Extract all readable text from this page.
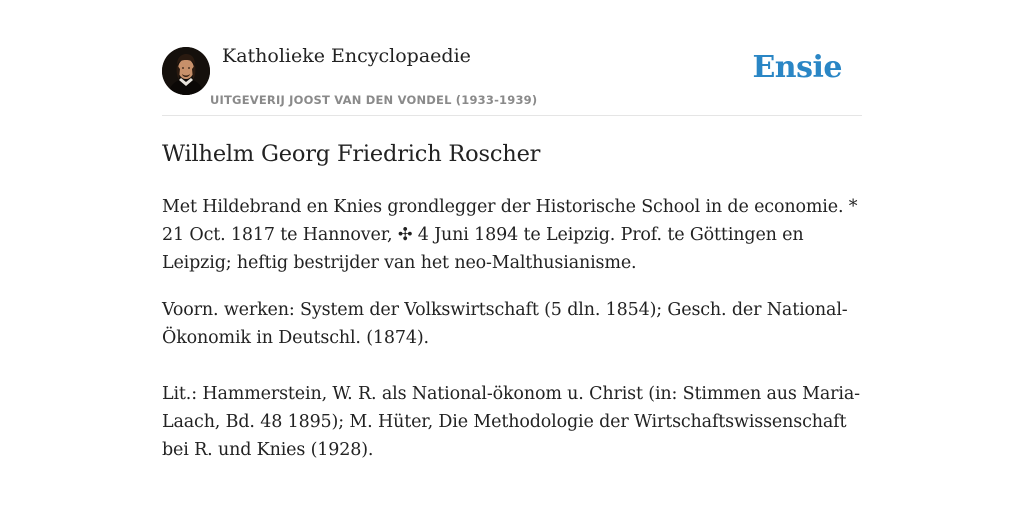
Katholieke Encyclopaedie
UITGEVERIJ JOOST VAN DEN VONDEL (1933-1939)
Ensie
Wilhelm Georg Friedrich Roscher

Met Hildebrand en Knies grondlegger der Historische School in de economie. * 21 Oct. 1817 te Hannover, ✣ 4 Juni 1894 te Leipzig. Prof. te Göttingen en Leipzig; heftig bestrijder van het neo-Malthusianisme.

Voorn. werken: System der Volkswirtschaft (5 dln. 1854); Gesch. der National-Ökonomik in Deutschl. (1874).

Lit.: Hammerstein, W. R. als National-ökonom u. Christ (in: Stimmen aus Maria-Laach, Bd. 48 1895); M. Hüter, Die Methodologie der Wirtschaftswissenschaft bei R. und Knies (1928).
